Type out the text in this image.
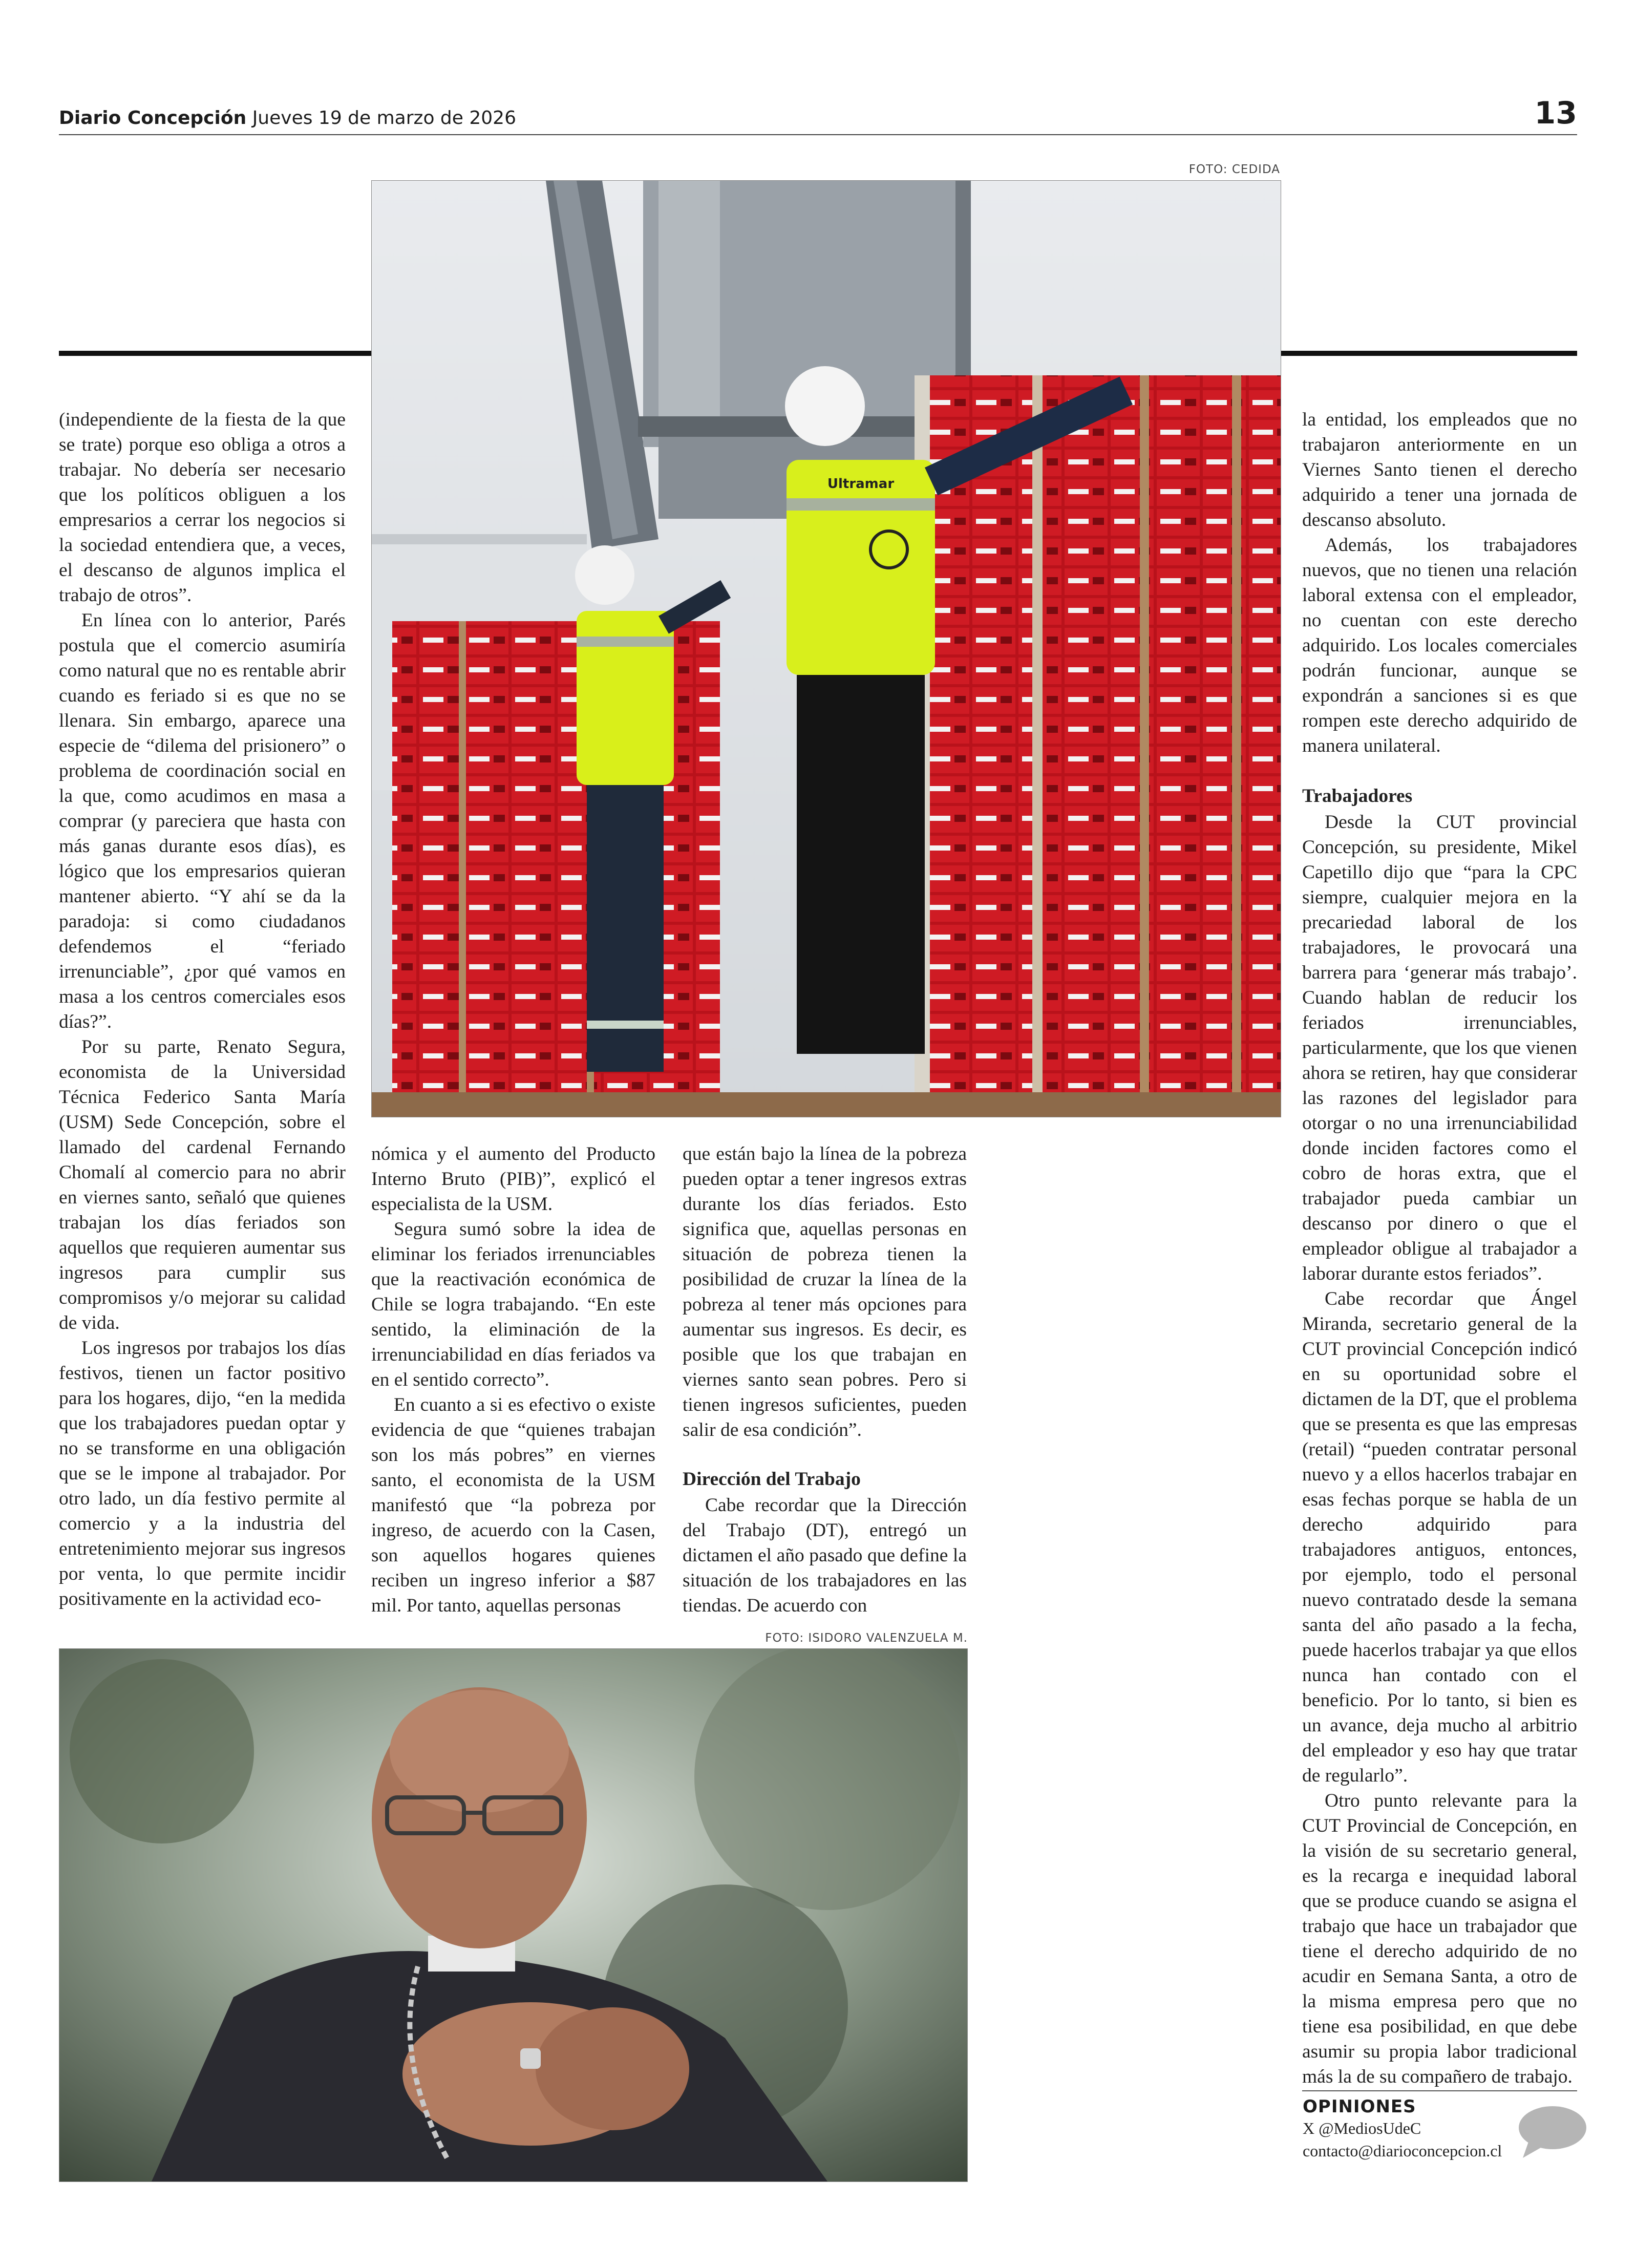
Diario Concepción Jueves 19 de marzo de 2026	13
FOTO: CEDIDA
Ultramar

(independiente de la fiesta de la que se trate) porque eso obliga a otros a trabajar. No debería ser necesario que los políticos obliguen a los empresarios a cerrar los negocios si la sociedad entendiera que, a veces, el descanso de algunos implica el trabajo de otros”.

En línea con lo anterior, Parés postula que el comercio asumiría como natural que no es rentable abrir cuando es feriado si es que no se llenara. Sin embargo, aparece una especie de “dilema del prisionero” o problema de coordinación social en la que, como acudimos en masa a comprar (y pareciera que hasta con más ganas durante esos días), es lógico que los empresarios quieran mantener abierto. “Y ahí se da la paradoja: si como ciudadanos defendemos el “feriado irrenunciable”, ¿por qué vamos en masa a los centros comerciales esos días?”.

Por su parte, Renato Segura, economista de la Universidad Técnica Federico Santa María (USM) Sede Concepción, sobre el llamado del cardenal Fernando Chomalí al comercio para no abrir en viernes santo, señaló que quienes trabajan los días feriados son aquellos que requieren aumentar sus ingresos para cumplir sus compromisos y/o mejorar su calidad de vida.

Los ingresos por trabajos los días festivos, tienen un factor positivo para los hogares, dijo, “en la medida que los trabajadores puedan optar y no se transforme en una obligación que se le impone al trabajador. Por otro lado, un día festivo permite al comercio y a la industria del entretenimiento mejorar sus ingresos por venta, lo que permite incidir positivamente en la actividad eco-

nómica y el aumento del Producto Interno Bruto (PIB)”, explicó el especialista de la USM.

Segura sumó sobre la idea de eliminar los feriados irrenunciables que la reactivación económica de Chile se logra trabajando. “En este sentido, la eliminación de la irrenunciabilidad en días feriados va en el sentido correcto”.

En cuanto a si es efectivo o existe evidencia de que “quienes trabajan son los más pobres” en viernes santo, el economista de la USM manifestó que “la pobreza por ingreso, de acuerdo con la Casen, son aquellos hogares quienes reciben un ingreso inferior a $87 mil. Por tanto, aquellas personas

que están bajo la línea de la pobreza pueden optar a tener ingresos extras durante los días feriados. Esto significa que, aquellas personas en situación de pobreza tienen la posibilidad de cruzar la línea de la pobreza al tener más opciones para aumentar sus ingresos. Es decir, es posible que los que trabajan en viernes santo sean pobres. Pero si tienen ingresos suficientes, pueden salir de esa condición”.

Dirección del Trabajo

Cabe recordar que la Dirección del Trabajo (DT), entregó un dictamen el año pasado que define la situación de los trabajadores en las tiendas. De acuerdo con

FOTO: ISIDORO VALENZUELA M.

la entidad, los empleados que no trabajaron anteriormente en un Viernes Santo tienen el derecho adquirido a tener una jornada de descanso absoluto.

Además, los trabajadores nuevos, que no tienen una relación laboral extensa con el empleador, no cuentan con este derecho adquirido. Los locales comerciales podrán funcionar, aunque se expondrán a sanciones si es que rompen este derecho adquirido de manera unilateral.

Trabajadores

Desde la CUT provincial Concepción, su presidente, Mikel Capetillo dijo que “para la CPC siempre, cualquier mejora en la precariedad laboral de los trabajadores, le provocará una barrera para ‘generar más trabajo’. Cuando hablan de reducir los feriados irrenunciables, particularmente, que los que vienen ahora se retiren, hay que considerar las razones del legislador para otorgar o no una irrenunciabilidad donde inciden factores como el cobro de horas extra, que el trabajador pueda cambiar un descanso por dinero o que el empleador obligue al trabajador a laborar durante estos feriados”.

Cabe recordar que Ángel Miranda, secretario general de la CUT provincial Concepción indicó en su oportunidad sobre el dictamen de la DT, que el problema que se presenta es que las empresas (retail) “pueden contratar personal nuevo y a ellos hacerlos trabajar en esas fechas porque se habla de un derecho adquirido para trabajadores antiguos, entonces, por ejemplo, todo el personal nuevo contratado desde la semana santa del año pasado a la fecha, puede hacerlos trabajar ya que ellos nunca han contado con el beneficio. Por lo tanto, si bien es un avance, deja mucho al arbitrio del empleador y eso hay que tratar de regularlo”.

Otro punto relevante para la CUT Provincial de Concepción, en la visión de su secretario general, es la recarga e inequidad laboral que se produce cuando se asigna el trabajo que hace un trabajador que tiene el derecho adquirido de no acudir en Semana Santa, a otro de la misma empresa pero que no tiene esa posibilidad, en que debe asumir su propia labor tradicional más la de su compañero de trabajo.

OPINIONES
X @MediosUdeC
contacto@diarioconcepcion.cl
